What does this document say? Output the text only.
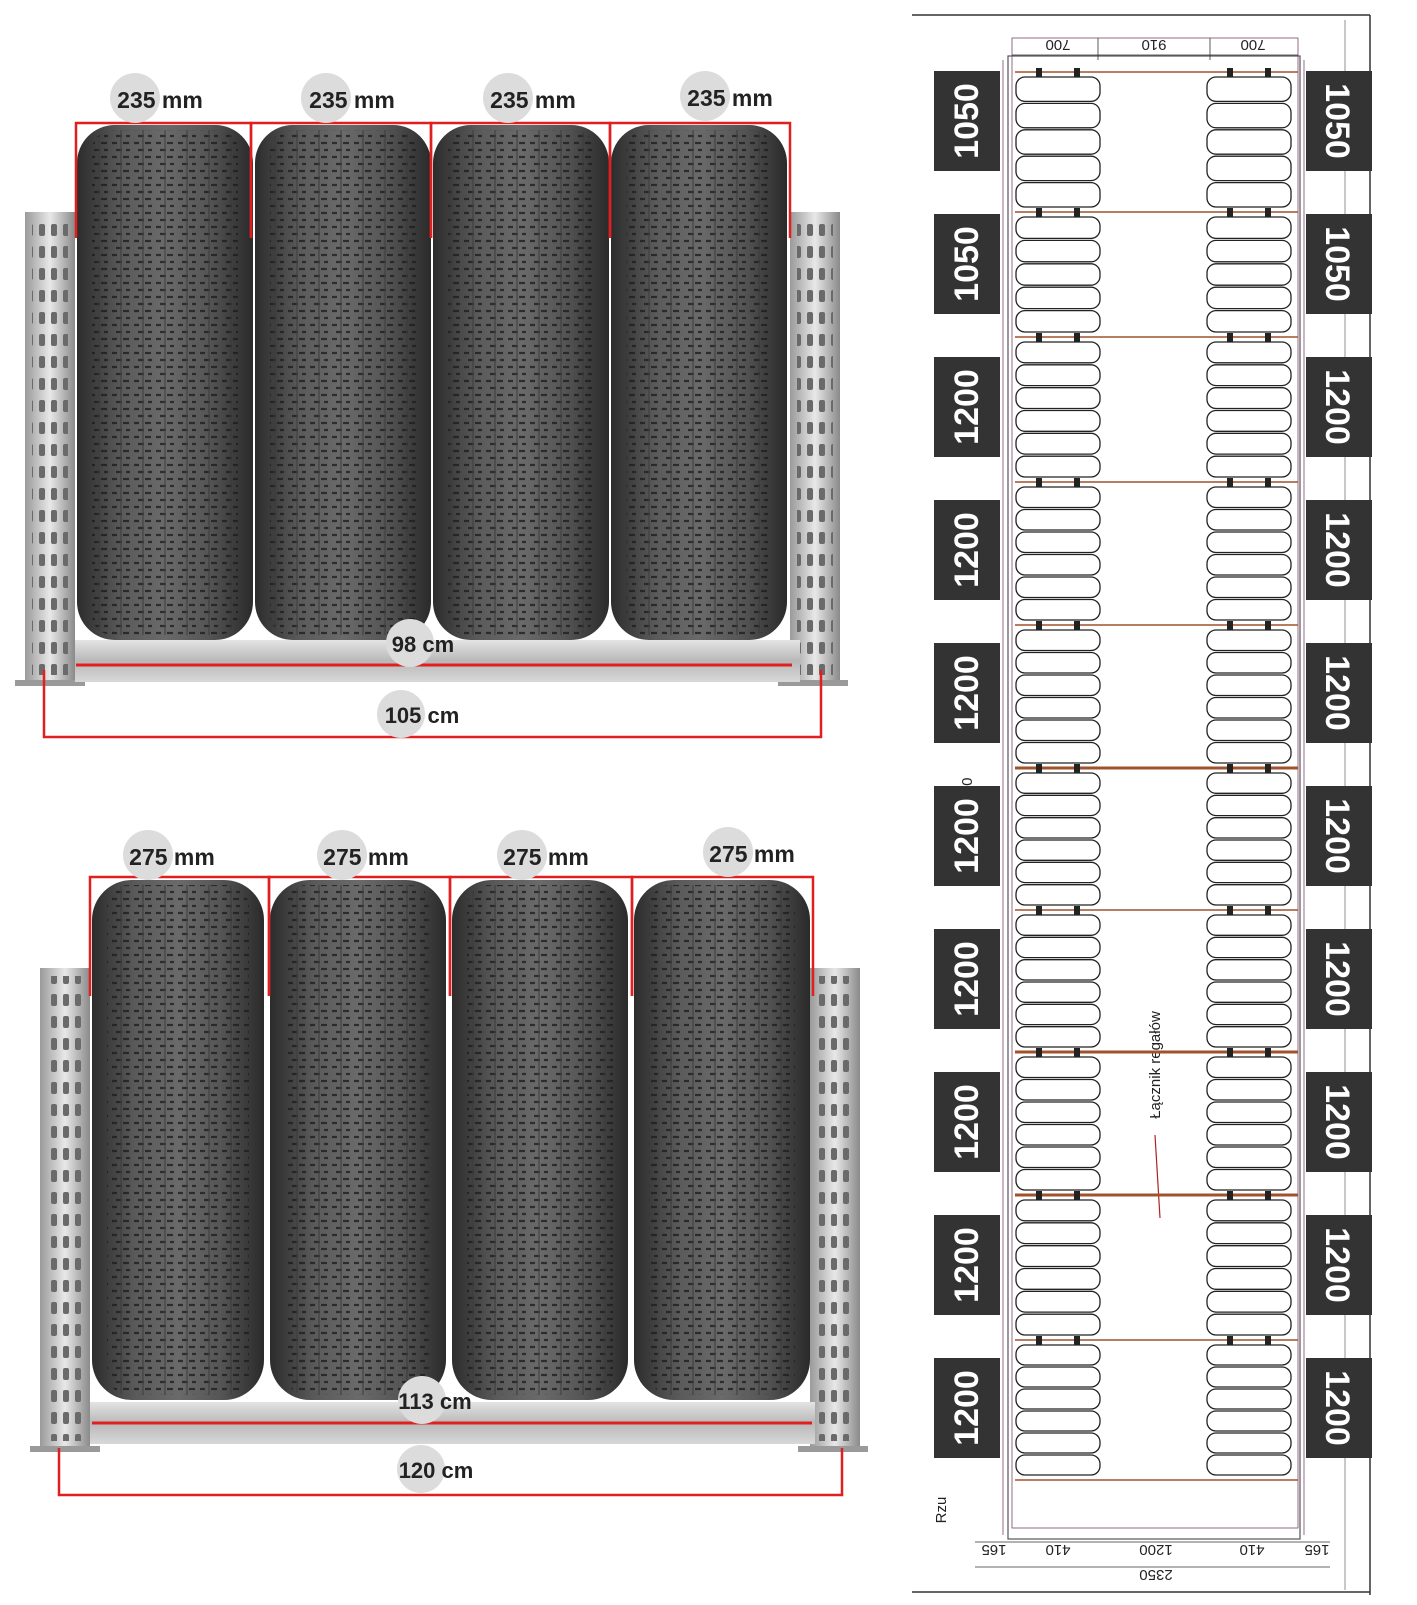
235 mm	235 mm	235 mm	235 mm
98 cm
105 cm
275 mm	275 mm	275 mm	275 mm
113 cm
120 cm
700	910	700
165	410	1200	410	165
2350
Rzu
Łącznik regałów
1050	1050
1050	1050
1200	1200
1200	1200
1200	1200
1200	1200
1200	1200
1200	1200
1200	1200
1200	1200
